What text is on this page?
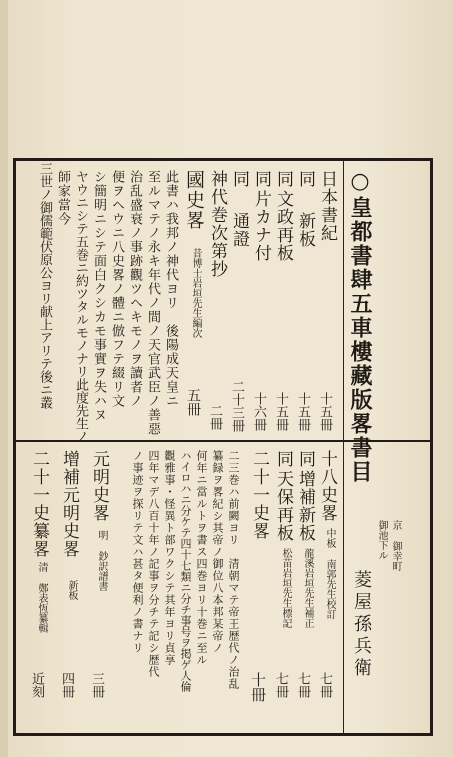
○皇都書肆五車樓藏版畧書目
京 御幸町
御池下ル
菱屋孫兵衛
日本書紀
十五冊
同
新板
十五冊
同
文政再板
十五冊
同
片カナ付
十六冊
同
通證
二十三冊
神代巻次第抄
二冊
國史畧
昔博士岩垣先生編次
五冊
此書ハ我邦ノ神代ヨリ　後陽成天皇ニ
至ルマテノ永キ年代ノ間ノ天官武臣ノ善惡
治乱盛衰ノ事跡觀ツヘキモノヲ讀者ノ
便ヲヘウニ八史畧ノ體ニ倣フテ綴リ文
シ簡明ニシテ面白クシカモ事實ヲ失ハヌ
ヤウニシテ五巻ニ約ツタルモノナリ此度先生ノ
師家當今
三世ノ御儒範伏原公ヨリ献上アリテ後ニ叢
十八史畧
中板 南郭先生校訂
七冊
同
增補新板
龍溪岩垣先生補正
七冊
同
天保再板
松苗岩垣先生標記
七冊
二十一史畧
十冊
元明史畧
明 鈔訳譜書
三冊
增補元明史畧
新板
四冊
二十一史纂畧
清 鄭表恆纂輯
近刻	二三巻ハ前闕ヨリ　清朝マテ帝王歴代ノ治乱
纂録ヲ畧紀シ其帝ノ御位八本邦某帝ノ
何年ニ當ルトヲ書ス四巻ヨリ十巻ニ至ル
ハイロハニ分ケテ四十七類ニ分チ事号ヲ掲ゲ人倫
觀雅事・怪異ト部ワクシテ其年ヨリ貞享
四年マデ八百十年ノ記事ヲ分チテ記シ歴代
ノ事迹ヲ探リテ文ハ甚タ便利ノ書ナリ
